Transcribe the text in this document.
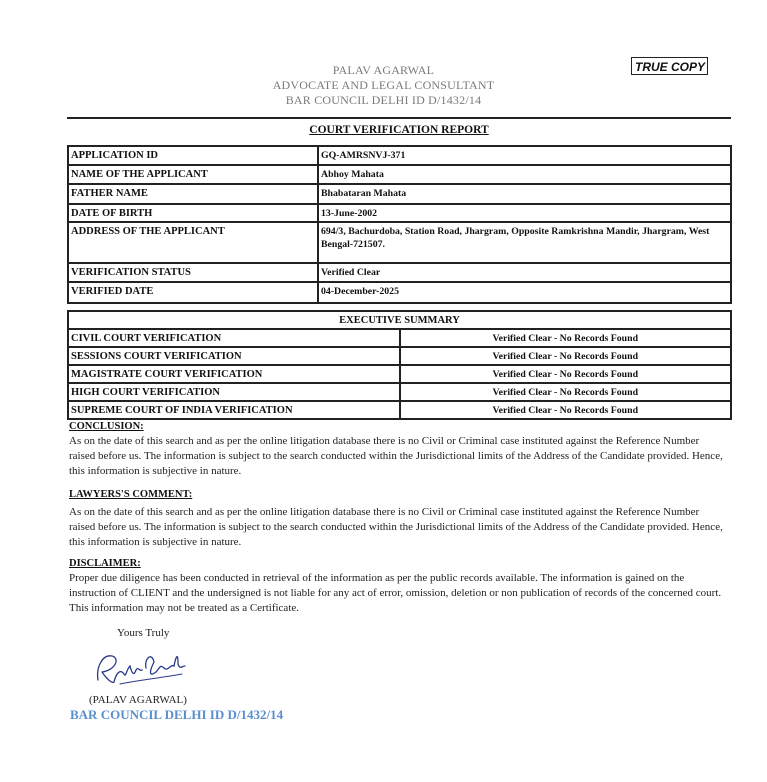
PALAV AGARWAL
ADVOCATE AND LEGAL CONSULTANT
BAR COUNCIL DELHI ID D/1432/14
TRUE COPY
COURT VERIFICATION REPORT
APPLICATION ID	GQ-AMRSNVJ-371
NAME OF THE APPLICANT	Abhoy Mahata
FATHER NAME	Bhabataran Mahata
DATE OF BIRTH	13-June-2002
ADDRESS OF THE APPLICANT	694/3, Bachurdoba, Station Road, Jhargram, Opposite Ramkrishna Mandir, Jhargram, West Bengal-721507.
VERIFICATION STATUS	Verified Clear
VERIFIED DATE	04-December-2025
EXECUTIVE SUMMARY	
CIVIL COURT VERIFICATION	Verified Clear - No Records Found
SESSIONS COURT VERIFICATION	Verified Clear - No Records Found
MAGISTRATE COURT VERIFICATION	Verified Clear - No Records Found
HIGH COURT VERIFICATION	Verified Clear - No Records Found
SUPREME COURT OF INDIA VERIFICATION	Verified Clear - No Records Found
CONCLUSION:
As on the date of this search and as per the online litigation database there is no Civil or Criminal case instituted against the Reference Number raised before us. The information is subject to the search conducted within the Jurisdictional limits of the Address of the Candidate provided. Hence, this information is subjective in nature.
LAWYERS'S COMMENT:
As on the date of this search and as per the online litigation database there is no Civil or Criminal case instituted against the Reference Number raised before us. The information is subject to the search conducted within the Jurisdictional limits of the Address of the Candidate provided. Hence, this information is subjective in nature.
DISCLAIMER:
Proper due diligence has been conducted in retrieval of the information as per the public records available. The information is gained on the instruction of CLIENT and the undersigned is not liable for any act of error, omission, deletion or non publication of records of the concerned court. This information may not be treated as a Certificate.
Yours Truly
(PALAV AGARWAL)
BAR COUNCIL DELHI ID D/1432/14
